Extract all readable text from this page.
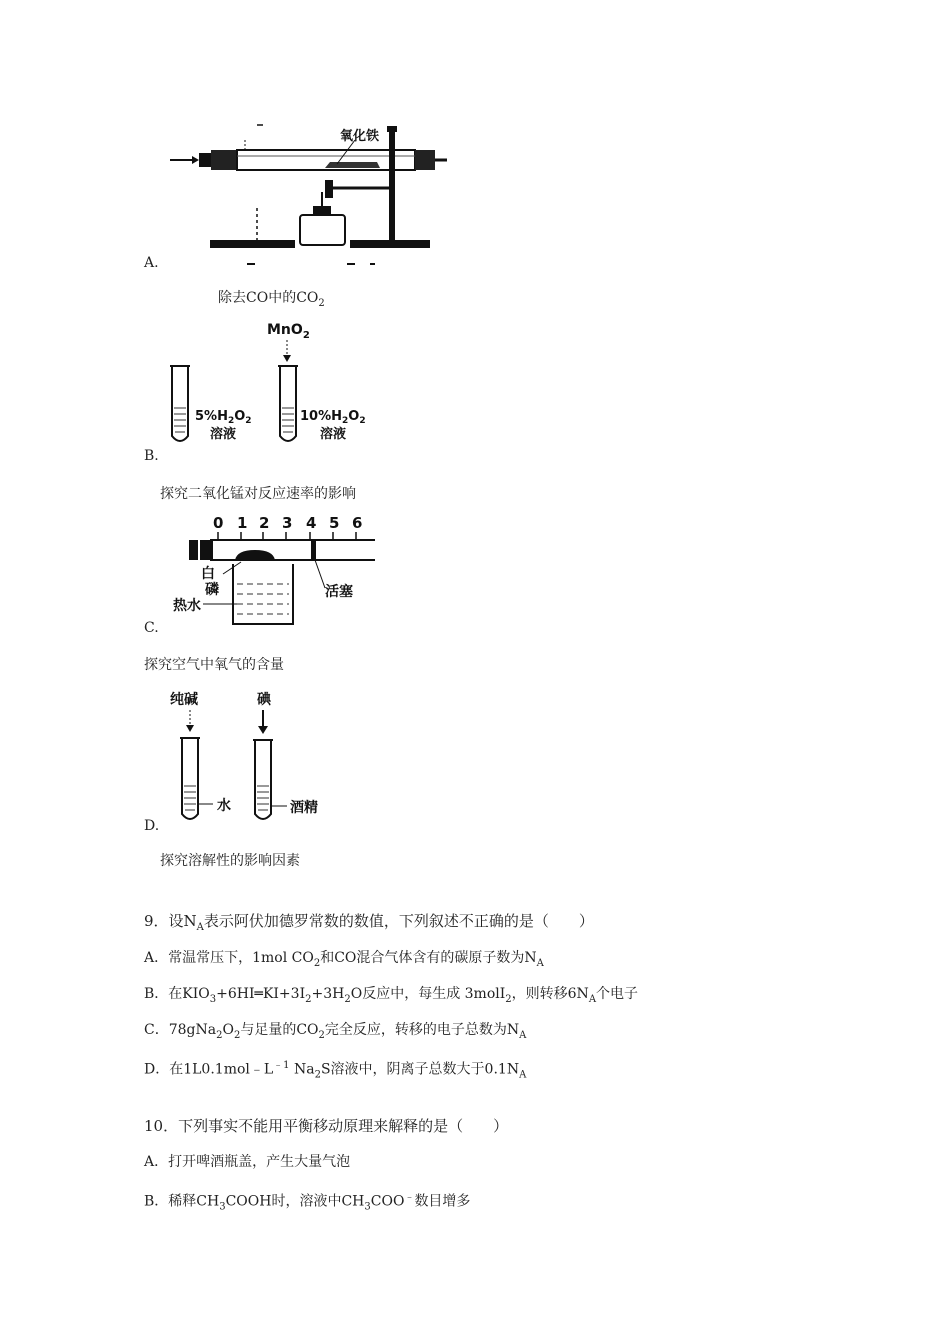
氧化铁
A.
除去CO中的$CO_2$
MnO$_2$
$5\%H_2O_2$
溶液
$10\%H_2O_2$
溶液
B.
探究二氧化锰对反应速率的影响
0 1 2 3 4 5 6
白
磷
热水
活塞
C.
探究空气中氧气的含量
纯碱	碘
水	酒精
D.
探究溶解性的影响因素
9．设$N_A$表示阿伏加德罗常数的数值，下列叙述不正确的是（　　）
A．常温常压下，1mol $CO_2$和CO混合气体含有的碳原子数为$N_A$
B．在$KIO_3+6HI═KI+3I_2+3H_2O$反应中，每生成 3molI$_2$，则转移$6N_A$个电子
C．$78gNa_2O_2$与足量的$CO_2$完全反应，转移的电子总数为$N_A$
D．在$1L0.1mol﹣L^{﹣1}$ $Na_2S$溶液中，阴离子总数大于$0.1N_A$
10．下列事实不能用平衡移动原理来解释的是（　　）
A．打开啤酒瓶盖，产生大量气泡
B．稀释$CH_3COOH$时，溶液中$CH_3COO^﹣$数目增多
